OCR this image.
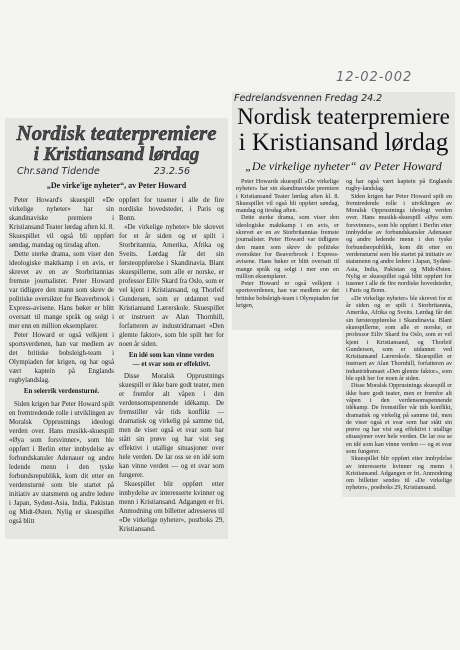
12-02-002
Nordisk teaterpremiere
i Kristiansand lørdag
Chr.sand Tidende	23.2.56
„De virke'ige nyheter“, av Peter Howard

Peter Howard's skuespill «De virkelige nyheter» har sin skandinaviske premiere i Kristiansand Teater lørdag aften kl. 8. Skuespillet vil også bli oppført søndag, mandag og tirsdag aften.

Dette sterke drama, som viser den ideologiske maktkamp i en avis, er skrevet av en av Storbritannias fremste journalister. Peter Howard var tidligere den mann som skrev de politiske oversikter for Beaverbrook i Express-avisene. Hans bøker er blitt oversatt til mange språk og solgt i mer enn en million eksemplarer.

Peter Howard er også velkjent i sportsverdenen, han var medlem av det britiske bobsleigh-team i Olympiaden før krigen, og har også vært kaptein på Englands rugbylandslag.

En seierrik verdensturné.

Siden krigen har Peter Howard spilt en fremtredende rolle i utviklingen av Moralsk Opprustnings ideologi verden over. Hans musikk-skuespill «Øya som forsvinner», som ble oppført i Berlin etter innbydelse av forbundskansler Adenauer og andre ledende menn i den tyske forbundsrepublikk, kom dit etter en verdensturné som ble startet på initiativ av statsmenn og andre ledere i Japan, Sydøst-Asia, India, Pakistan og Midt-Østen. Nylig er skuespillet også blitt

oppført for tusener i alle de fire nordiske hovedsteder, i Paris og Bonn.

«De virkelige nyheter» ble skrevet for et år siden og er spilt i Storbritannia, Amerika, Afrika og Sveits. Lørdag får det sin førsteoppførelse i Skandinavia. Blant skuespillerne, som alle er norske, er professor Eiliv Skard fra Oslo, som er vel kjent i Kristiansand, og Thorleif Gundersen, som er utdannet ved Kristiansand Lærerskole. Skuespillet er instruert av Alan Thornhill, forfatteren av industridramaet «Den glemte faktor», som ble spilt her for noen år siden.

En idé som kan vinne verden — et svar som er effektivt.

Disse Moralsk Opprustnings skuespill er ikke bare godt teater, men er fremfor alt våpen i den verdensomspennende idékamp. De fremstiller vår tids konflikt — dramatisk og virkelig på samme tid, men de viser også et svar som har stått sin prøve og har vist seg effektivt i utallige situasjoner over hele verden. De lar oss se en idé som kan vinne verden — og et svar som fungerer.

Skuespillet blir oppført etter innbydelse av interesserte kvinner og menn i Kristiansand. Adgangen er fri. Anmodning om billetter adresseres til «De virkelige nyheter», postboks 29, Kristiansand.

Fedrelandsvennen Fredag 24.2
Nordisk teaterpremiere
i Kristiansand lørdag
„De virkelige nyheter“ av Peter Howard

Peter Howards skuespill «De virkelige nyheter» har sin skandinaviske premiere i Kristiansand Teater lørdag aften kl. 8. Skuespillet vil også bli oppført søndag, mandag og tirsdag aften.

Dette sterke drama, som viser den ideologiske maktkamp i en avis, er skrevet av en av Storbritannias fremste journalister. Peter Howard var tidligere den mann som skrev de politiske oversikter for Beaverbrook i Express-avisene. Hans bøker er blitt oversatt til mange språk og solgt i mer enn en million eksemplarer.

Peter Howard er også velkjent i sportsverdenen, han var medlem av det britiske bobsleigh-team i Olympiaden før krigen,

og har også vært kaptein på Englands rugby-landslag.

Siden krigen har Peter Howard spilt en fremtredende rolle i utviklingen av Moralsk Opprustnings ideologi verden over. Hans musikk-skuespill «Øya som forsvinner», som ble oppført i Berlin etter innbydelse av forbundskansler Adenauer og andre ledende menn i den tyske forbundsrepublikk, kom dit etter en verdensturné som ble startet på initiativ av statsmenn og andre ledere i Japan, Sydøst-Asia, India, Pakistan og Midt-Østen. Nylig er skuespillet også blitt oppført for tusener i alle de fire nordiske hovedsteder, i Paris og Bonn.

«De virkelige nyheter» ble skrevet for et år siden og er spilt i Storbritannia, Amerika, Afrika og Sveits. Lørdag får det sin førsteoppførelse i Skandinavia. Blant skuespillerne, som alle er norske, er professor Eiliv Skard fra Oslo, som er vel kjent i Kristiansand, og Thorleif Gundersen, som er utdannet ved Kristiansand Lærerskole. Skuespillet er instruert av Alan Thornhill, forfatteren av industridramaet «Den glemte faktor», som ble spilt her for noen år siden.

Disse Moralsk Opprustnings skuespill er ikke bare godt teater, men er fremfor alt våpen i den verdensomspennende idékamp. De fremstiller vår tids konflikt, dramatisk og virkelig på samme tid, men de viser også et svar som har stått sin prøve og har vist seg effektivt i utallige situasjoner over hele verden. De lar oss se en idé som kan vinne verden — og et svar som fungerer.

Skuespillet blir oppført etter innbydelse av interesserte kvinner og menn i Kristiansand. Adgangen er fri. Anmodning om billetter sendes til «De virkelige nyheter», postboks 29, Kristiansand.
